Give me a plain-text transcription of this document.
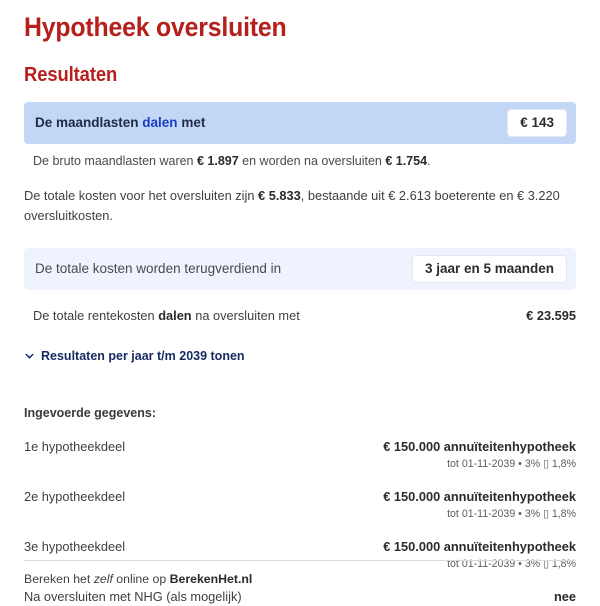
Hypotheek oversluiten
Resultaten
De maandlasten dalen met	€ 143

De bruto maandlasten waren € 1.897 en worden na oversluiten € 1.754.

De totale kosten voor het oversluiten zijn € 5.833, bestaande uit € 2.613 boeterente en € 3.220 oversluitkosten.

De totale kosten worden terugverdiend in	3 jaar en 5 maanden
De totale rentekosten dalen na oversluiten met	€ 23.595
Resultaten per jaar t/m 2039 tonen
Ingevoerde gegevens:
1e hypotheekdeel	€ 150.000 annuïteitenhypotheek
tot 01-11-2039 • 3% ▯ 1,8%
2e hypotheekdeel	€ 150.000 annuïteitenhypotheek
tot 01-11-2039 • 3% ▯ 1,8%
3e hypotheekdeel	€ 150.000 annuïteitenhypotheek
tot 01-11-2039 • 3% ▯ 1,8%
Na oversluiten met NHG (als mogelijk)	nee
Bereken het zelf online op BerekenHet.nl
